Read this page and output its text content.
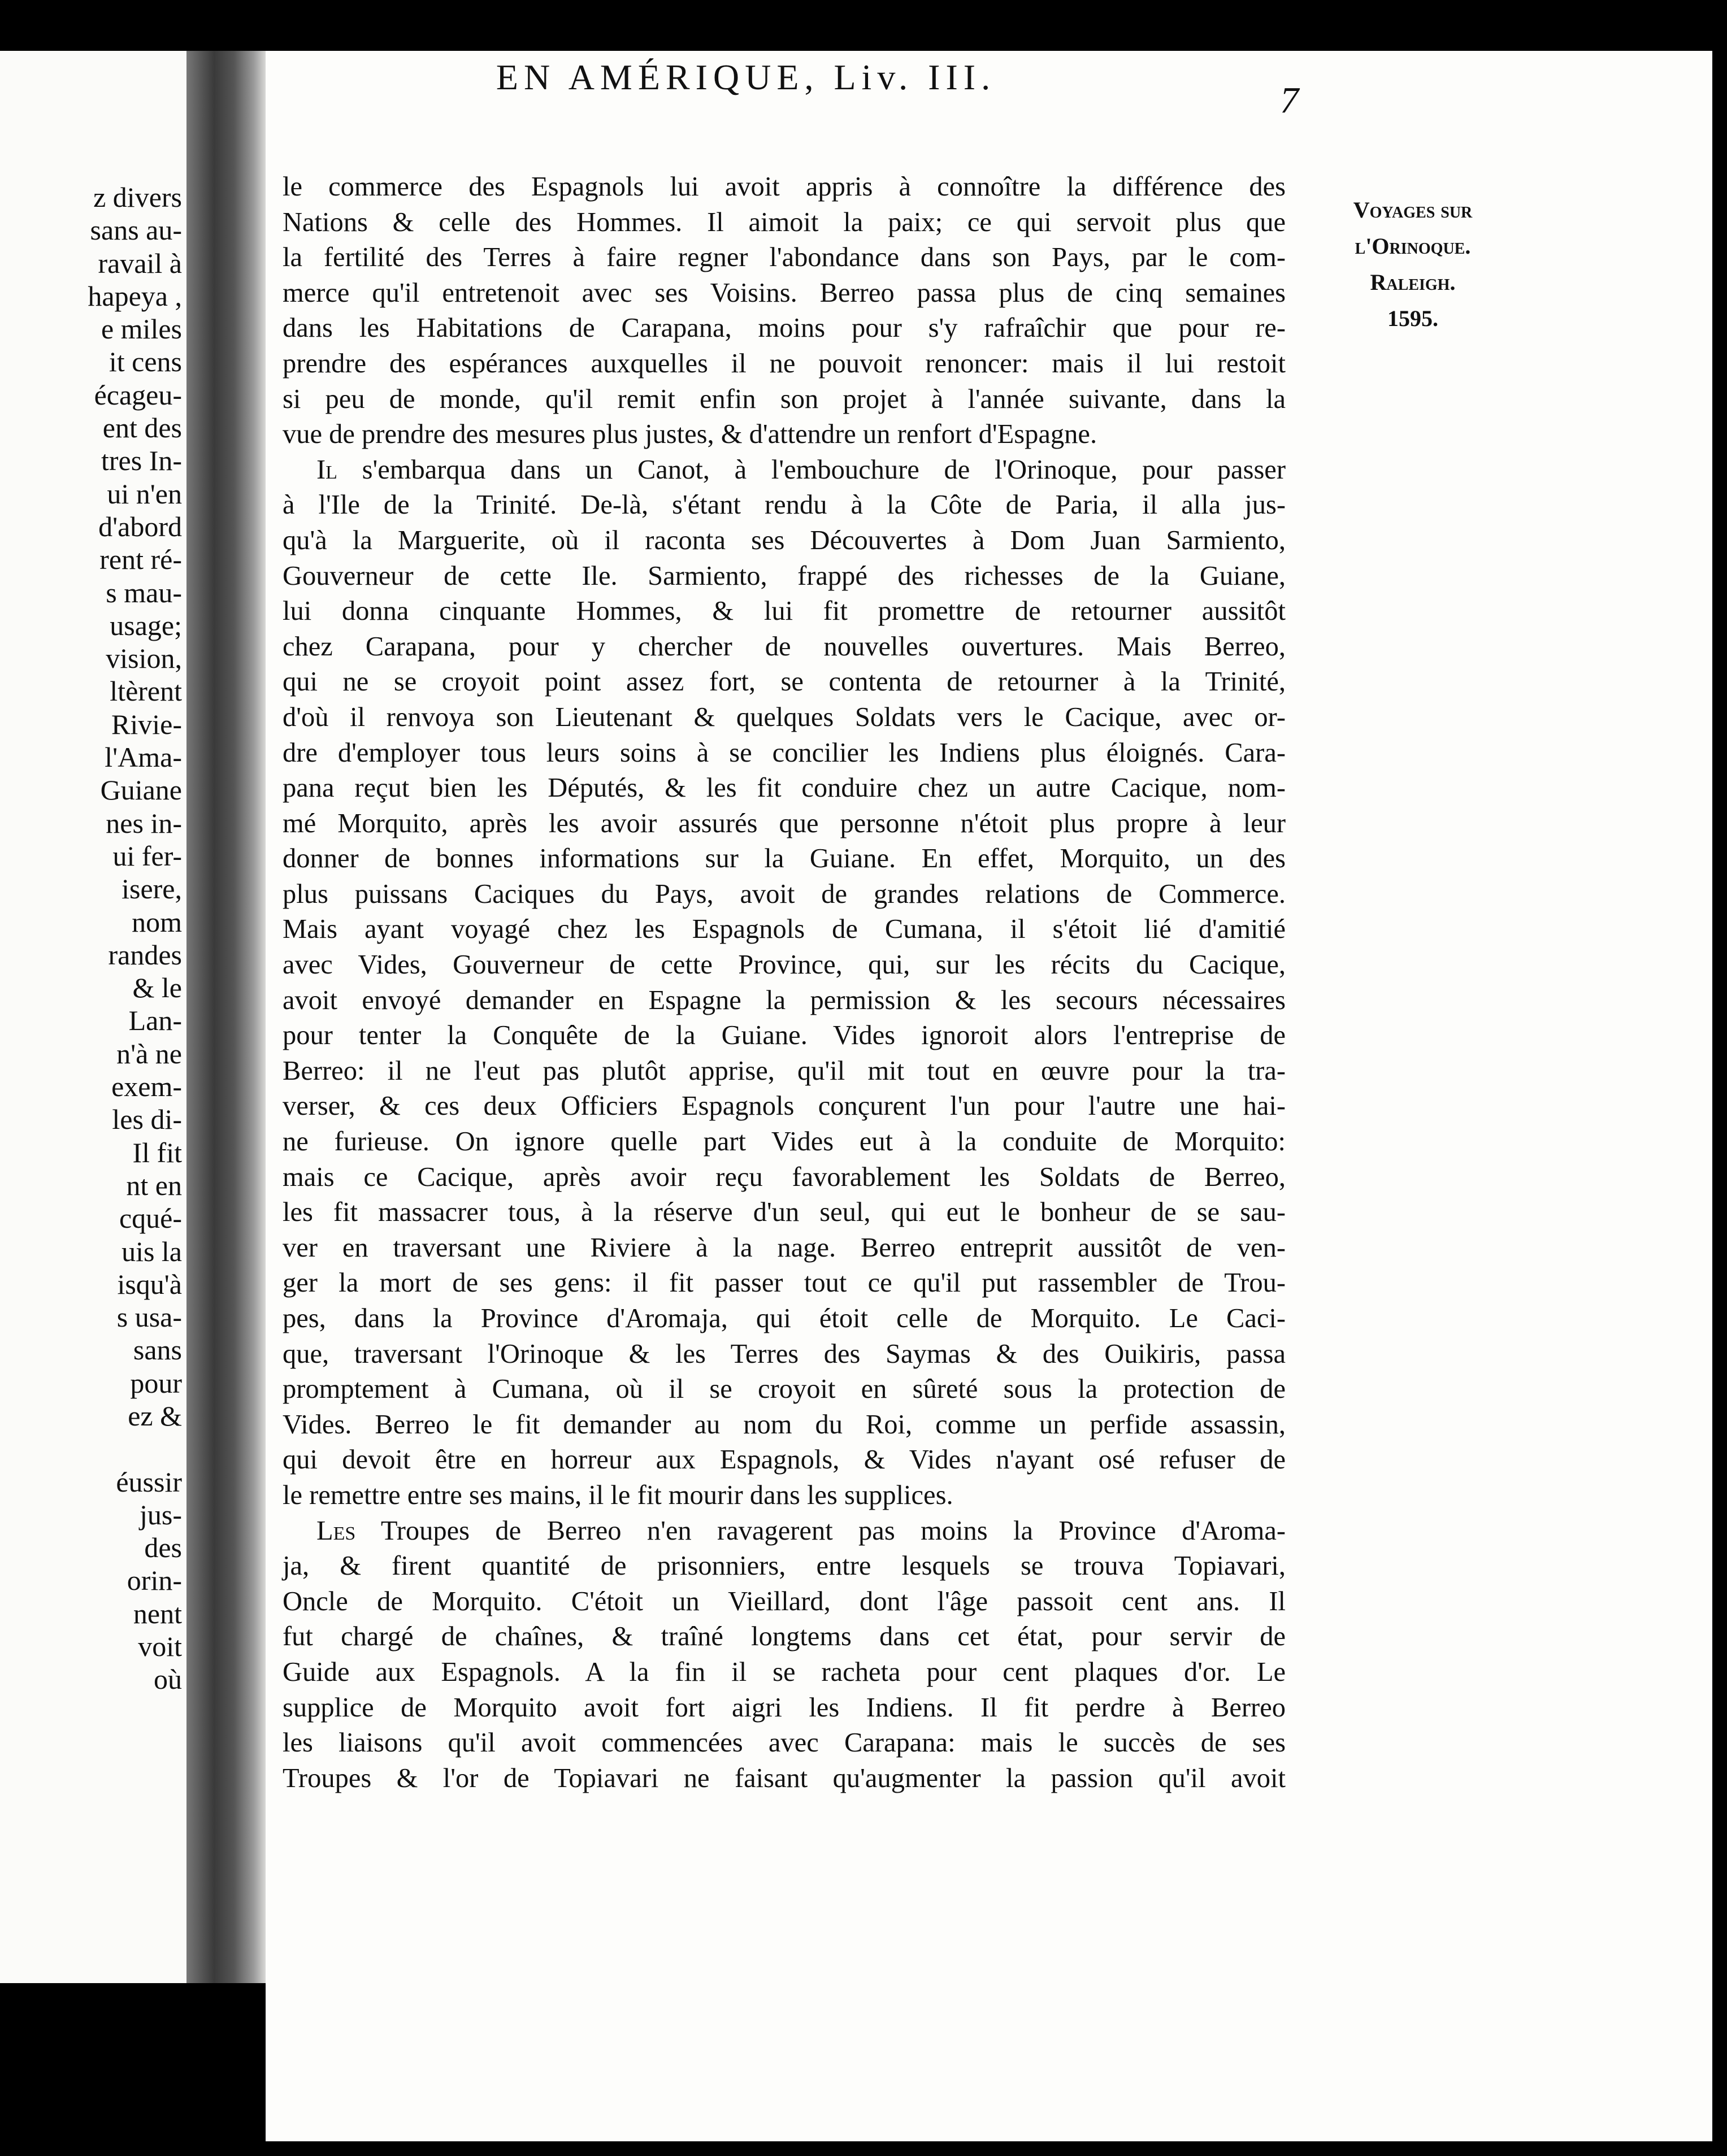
z divers
sans au-
ravail à
hapeya ,
e miles
it cens
écageu-
ent des
tres In-
ui n'en
d'abord
rent ré-
s mau-
usage;
vision,
ltèrent
Rivie-
l'Ama-
Guiane
nes in-
ui fer-
isere,
nom
randes
& le
Lan-
n'à ne
exem-
les di-
Il fit
nt en
cqué-
uis la
isqu'à
s usa-
sans
pour
ez &

éussir
jus-
des
orin-
nent
voit
où
EN AMÉRIQUE, Liv. III.
7
Voyages sur
l'Orinoque.
Raleigh.
1595.
le commerce des Espagnols lui avoit appris à connoître la différence des
Nations & celle des Hommes. Il aimoit la paix; ce qui servoit plus que
la fertilité des Terres à faire regner l'abondance dans son Pays, par le com-
merce qu'il entretenoit avec ses Voisins. Berreo passa plus de cinq semaines
dans les Habitations de Carapana, moins pour s'y rafraîchir que pour re-
prendre des espérances auxquelles il ne pouvoit renoncer: mais il lui restoit
si peu de monde, qu'il remit enfin son projet à l'année suivante, dans la
vue de prendre des mesures plus justes, & d'attendre un renfort d'Espagne.
Il s'embarqua dans un Canot, à l'embouchure de l'Orinoque, pour passer
à l'Ile de la Trinité. De-là, s'étant rendu à la Côte de Paria, il alla jus-
qu'à la Marguerite, où il raconta ses Découvertes à Dom Juan Sarmiento,
Gouverneur de cette Ile. Sarmiento, frappé des richesses de la Guiane,
lui donna cinquante Hommes, & lui fit promettre de retourner aussitôt
chez Carapana, pour y chercher de nouvelles ouvertures. Mais Berreo,
qui ne se croyoit point assez fort, se contenta de retourner à la Trinité,
d'où il renvoya son Lieutenant & quelques Soldats vers le Cacique, avec or-
dre d'employer tous leurs soins à se concilier les Indiens plus éloignés. Cara-
pana reçut bien les Députés, & les fit conduire chez un autre Cacique, nom-
mé Morquito, après les avoir assurés que personne n'étoit plus propre à leur
donner de bonnes informations sur la Guiane. En effet, Morquito, un des
plus puissans Caciques du Pays, avoit de grandes relations de Commerce.
Mais ayant voyagé chez les Espagnols de Cumana, il s'étoit lié d'amitié
avec Vides, Gouverneur de cette Province, qui, sur les récits du Cacique,
avoit envoyé demander en Espagne la permission & les secours nécessaires
pour tenter la Conquête de la Guiane. Vides ignoroit alors l'entreprise de
Berreo: il ne l'eut pas plutôt apprise, qu'il mit tout en œuvre pour la tra-
verser, & ces deux Officiers Espagnols conçurent l'un pour l'autre une hai-
ne furieuse. On ignore quelle part Vides eut à la conduite de Morquito:
mais ce Cacique, après avoir reçu favorablement les Soldats de Berreo,
les fit massacrer tous, à la réserve d'un seul, qui eut le bonheur de se sau-
ver en traversant une Riviere à la nage. Berreo entreprit aussitôt de ven-
ger la mort de ses gens: il fit passer tout ce qu'il put rassembler de Trou-
pes, dans la Province d'Aromaja, qui étoit celle de Morquito. Le Caci-
que, traversant l'Orinoque & les Terres des Saymas & des Ouikiris, passa
promptement à Cumana, où il se croyoit en sûreté sous la protection de
Vides. Berreo le fit demander au nom du Roi, comme un perfide assassin,
qui devoit être en horreur aux Espagnols, & Vides n'ayant osé refuser de
le remettre entre ses mains, il le fit mourir dans les supplices.
Les Troupes de Berreo n'en ravagerent pas moins la Province d'Aroma-
ja, & firent quantité de prisonniers, entre lesquels se trouva Topiavari,
Oncle de Morquito. C'étoit un Vieillard, dont l'âge passoit cent ans. Il
fut chargé de chaînes, & traîné longtems dans cet état, pour servir de
Guide aux Espagnols. A la fin il se racheta pour cent plaques d'or. Le
supplice de Morquito avoit fort aigri les Indiens. Il fit perdre à Berreo
les liaisons qu'il avoit commencées avec Carapana: mais le succès de ses
Troupes & l'or de Topiavari ne faisant qu'augmenter la passion qu'il avoit
